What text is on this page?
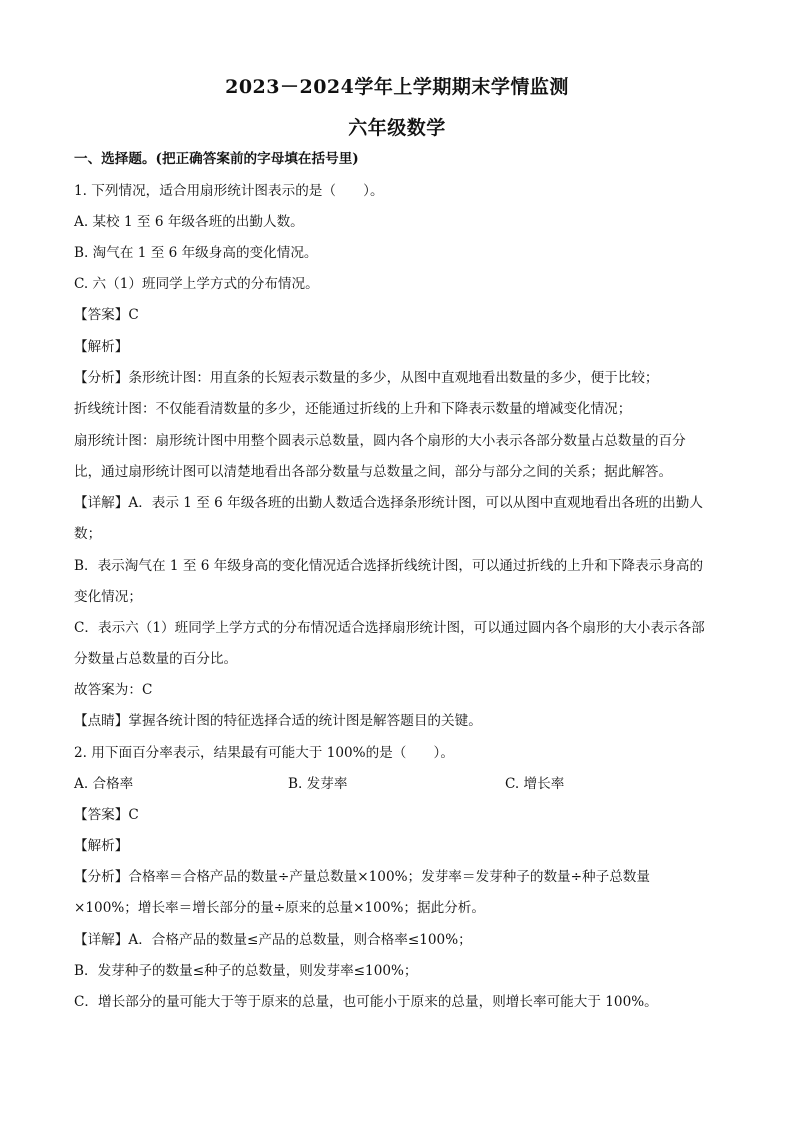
2023－2024学年上学期期末学情监测
六年级数学
一、选择题。(把正确答案前的字母填在括号里)
1. 下列情况，适合用扇形统计图表示的是（　　）。
A. 某校 1 至 6 年级各班的出勤人数。
B. 淘气在 1 至 6 年级身高的变化情况。
C. 六（1）班同学上学方式的分布情况。
【答案】C
【解析】
【分析】条形统计图：用直条的长短表示数量的多少，从图中直观地看出数量的多少，便于比较；
折线统计图：不仅能看清数量的多少，还能通过折线的上升和下降表示数量的增减变化情况；
扇形统计图：扇形统计图中用整个圆表示总数量，圆内各个扇形的大小表示各部分数量占总数量的百分
比，通过扇形统计图可以清楚地看出各部分数量与总数量之间，部分与部分之间的关系；据此解答。
【详解】A．表示 1 至 6 年级各班的出勤人数适合选择条形统计图，可以从图中直观地看出各班的出勤人
数；
B．表示淘气在 1 至 6 年级身高的变化情况适合选择折线统计图，可以通过折线的上升和下降表示身高的
变化情况；
C．表示六（1）班同学上学方式的分布情况适合选择扇形统计图，可以通过圆内各个扇形的大小表示各部
分数量占总数量的百分比。
故答案为：C
【点睛】掌握各统计图的特征选择合适的统计图是解答题目的关键。
2. 用下面百分率表示，结果最有可能大于 100%的是（　　）。
A. 合格率	B. 发芽率	C. 增长率
【答案】C
【解析】
【分析】合格率＝合格产品的数量÷产量总数量×100%；发芽率＝发芽种子的数量÷种子总数量
×100%；增长率＝增长部分的量÷原来的总量×100%；据此分析。
【详解】A．合格产品的数量≤产品的总数量，则合格率≤100%；
B．发芽种子的数量≤种子的总数量，则发芽率≤100%；
C．增长部分的量可能大于等于原来的总量，也可能小于原来的总量，则增长率可能大于 100%。
